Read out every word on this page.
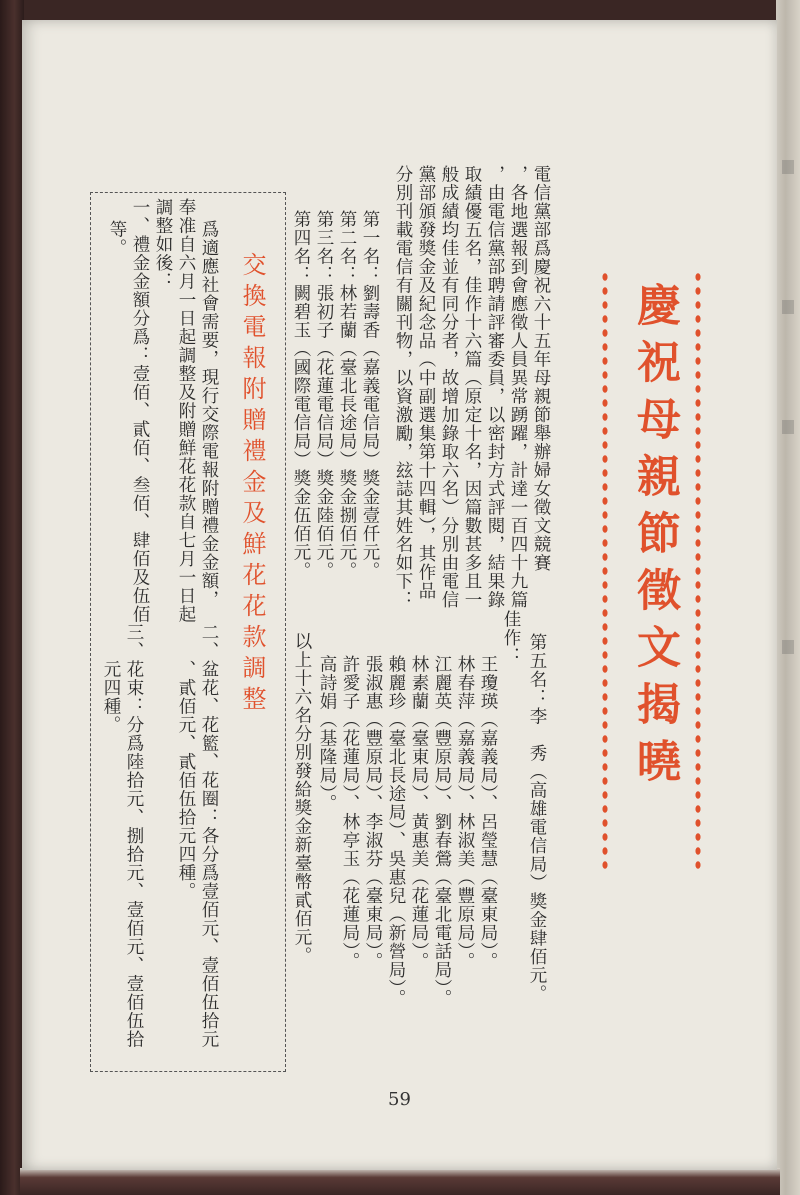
慶祝母親節徵文揭曉
電信黨部爲慶祝六十五年母親節舉辦婦女徵文競賽
，各地選報到會應徵人員異常踴躍，計達一百四十九篇
，由電信黨部聘請評審委員，以密封方式評閱，結果錄
取績優五名，佳作十六篇（原定十名，因篇數甚多且一
般成績均佳並有同分者，故增加錄取六名）分別由電信
黨部頒發獎金及紀念品（中副選集第十四輯），其作品
分別刊載電信有關刊物，以資激勵，玆誌其姓名如下：
第一名：劉壽香（嘉義電信局）獎金壹仟元。
第二名：林若蘭（臺北長途局）獎金捌佰元。
第三名：張初子（花蓮電信局）獎金陸佰元。
第四名：闕碧玉（國際電信局）獎金伍佰元。
第五名：李　秀（高雄電信局）獎金肆佰元。
佳作：
王瓊瑛（嘉義局）、呂瑩慧（臺東局）。
林春萍（嘉義局）、林淑美（豐原局）。
江麗英（豐原局）、劉春鶯（臺北電話局）。
林素蘭（臺東局）、黃惠美（花蓮局）。
賴麗珍（臺北長途局）、吳惠兒（新營局）。
張淑惠（豐原局）、李淑芬（臺東局）。
許愛子（花蓮局）、林亭玉（花蓮局）。
高詩娟（基隆局）。
以上十六名分別發給獎金新臺幣貳佰元。
交換電報附贈禮金及鮮花花款調整
爲適應社會需要，現行交際電報附贈禮金金額，
奉准自六月一日起調整及附贈鮮花花款自七月一日起
調整如後：
一、禮金金額分爲：壹佰、貳佰、叁佰、肆佰及伍佰
等。
二、盆花、花籃、花圈：各分爲壹佰元、壹佰伍拾元
、貳佰元、貳佰伍拾元四種。
三、花束：分爲陸拾元、捌拾元、壹佰元、壹佰伍拾
元四種。
59
